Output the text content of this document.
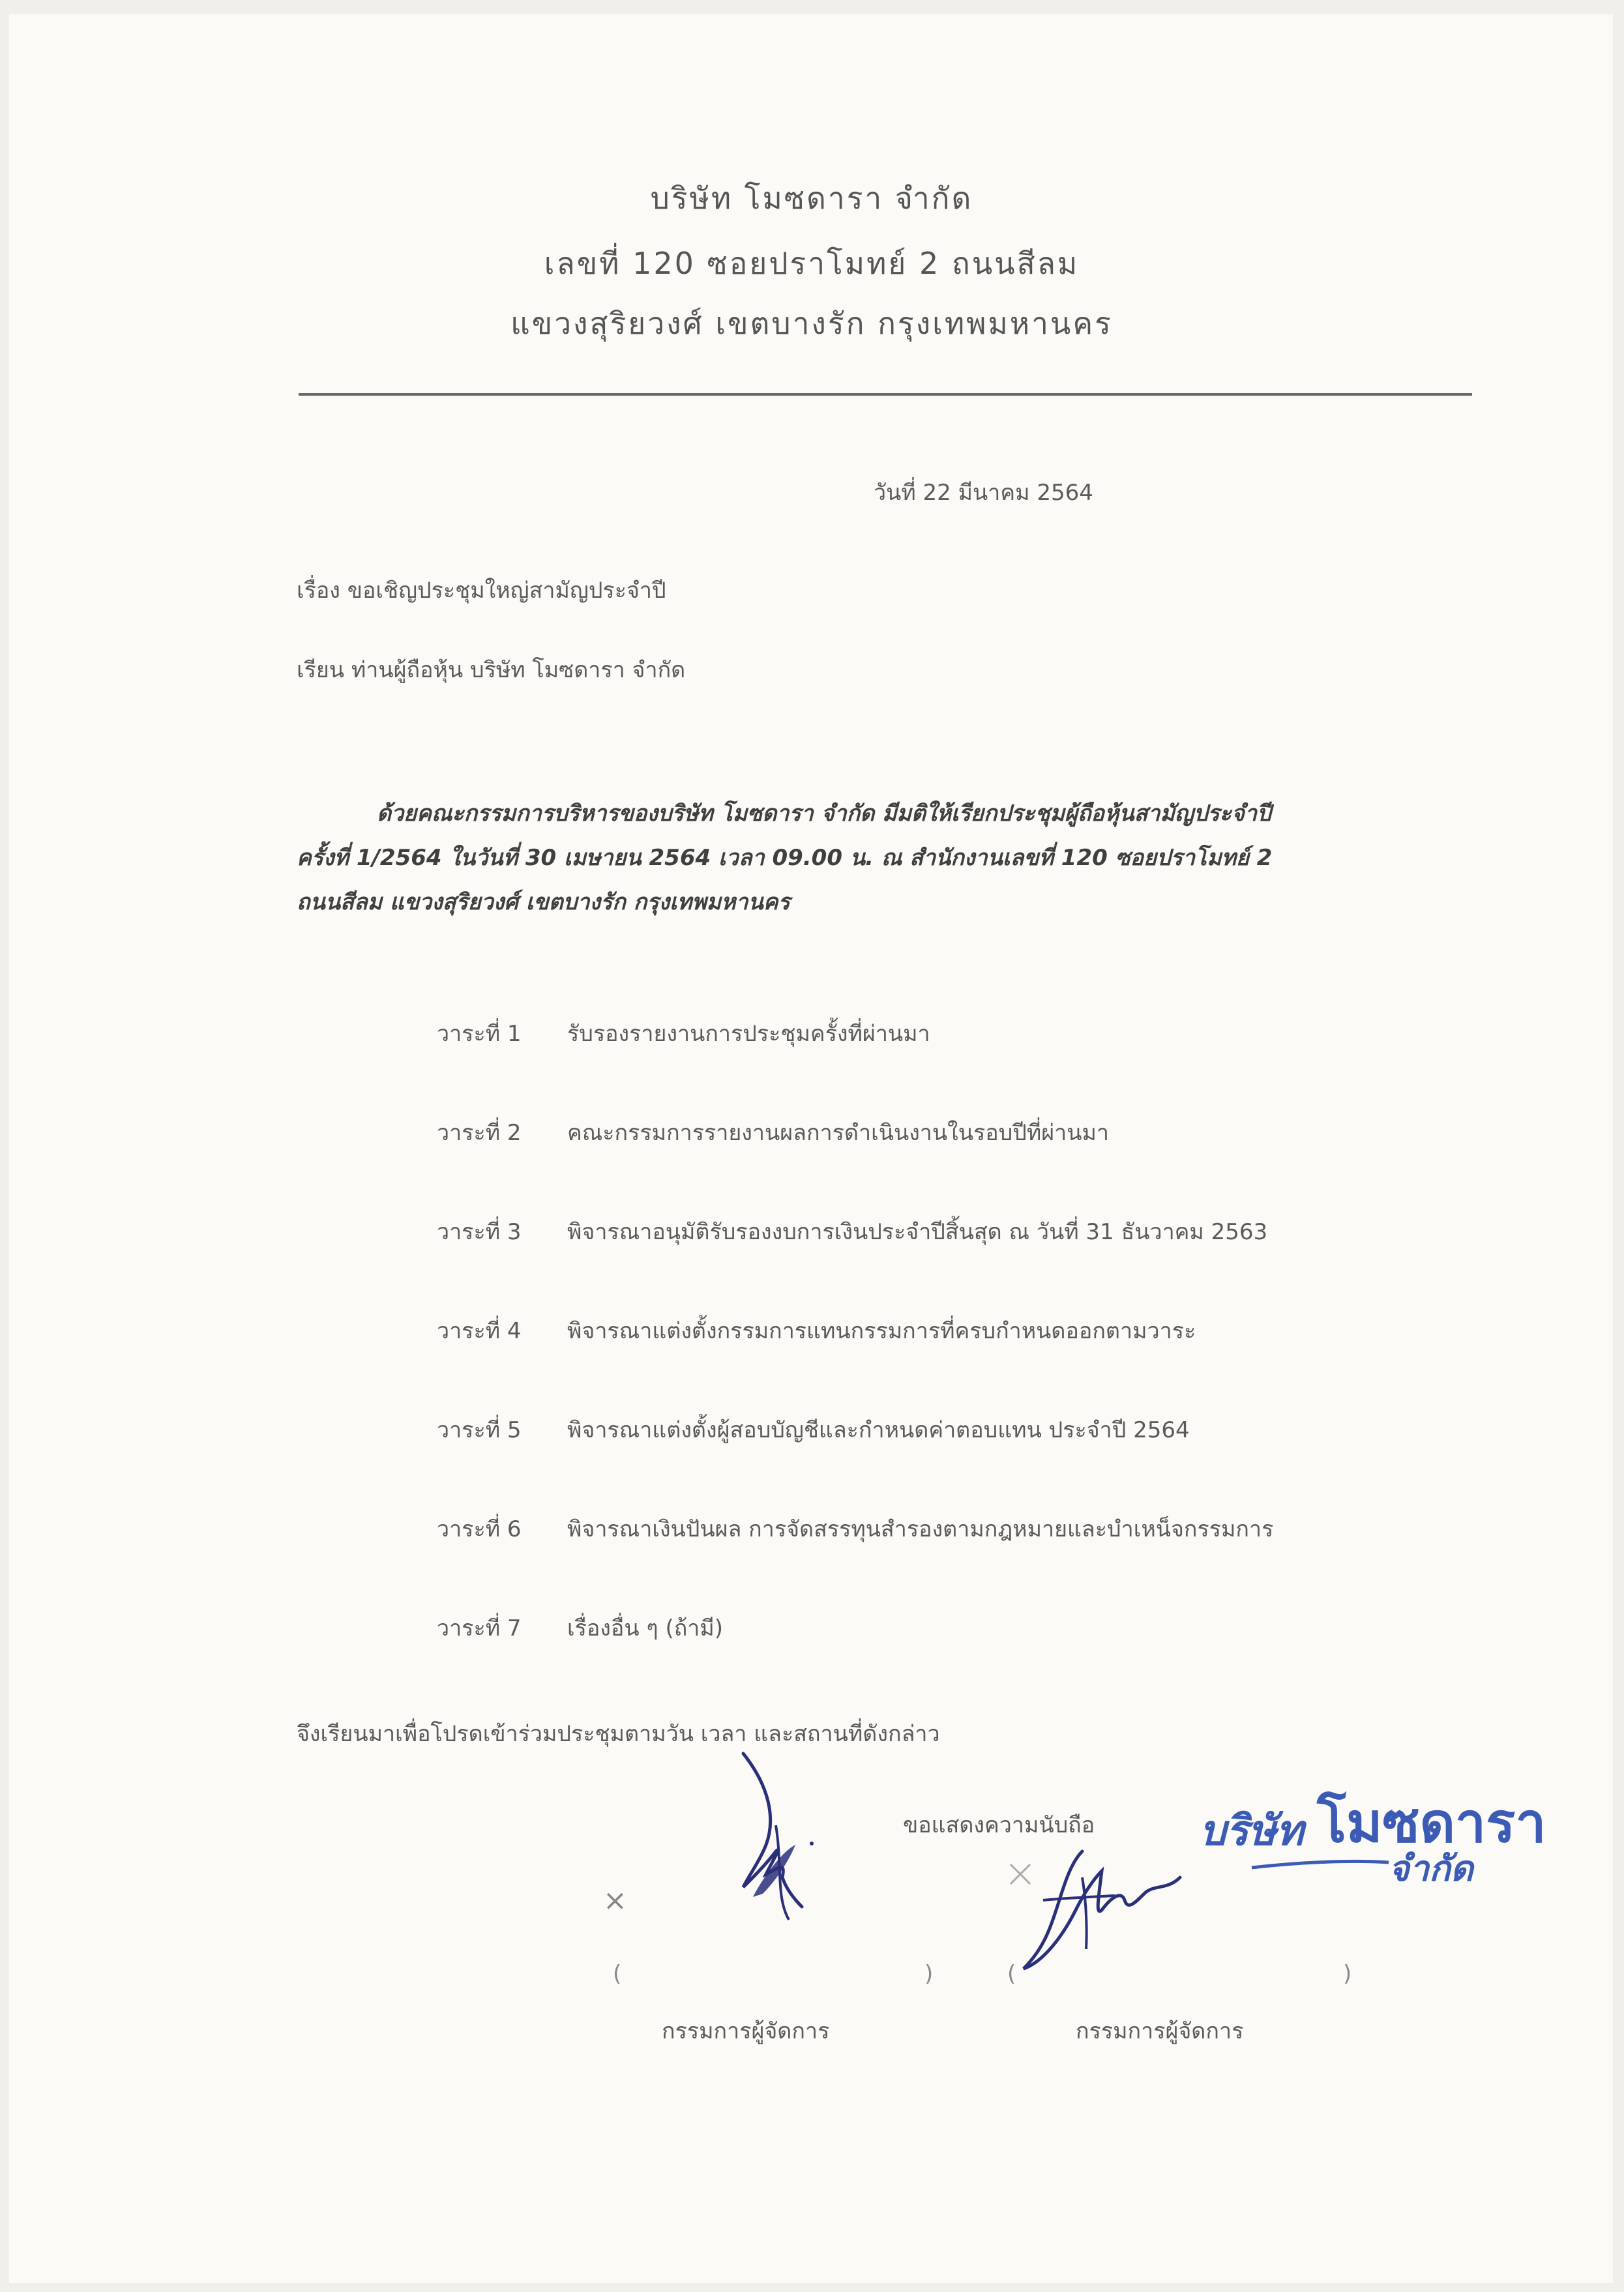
บริษัท โมซดารา จำกัด
เลขที่ 120 ซอยปราโมทย์ 2 ถนนสีลม
แขวงสุริยวงศ์ เขตบางรัก กรุงเทพมหานคร
วันที่ 22 มีนาคม 2564
เรื่อง ขอเชิญประชุมใหญ่สามัญประจำปี
เรียน ท่านผู้ถือหุ้น บริษัท โมซดารา จำกัด
ด้วยคณะกรรมการบริหารของบริษัท โมซดารา จำกัด มีมติให้เรียกประชุมผู้ถือหุ้นสามัญประจำปี
ครั้งที่ 1/2564 ในวันที่ 30 เมษายน 2564 เวลา 09.00 น. ณ สำนักงานเลขที่ 120 ซอยปราโมทย์ 2
ถนนสีลม แขวงสุริยวงศ์ เขตบางรัก กรุงเทพมหานคร
วาระที่ 1 รับรองรายงานการประชุมครั้งที่ผ่านมา
วาระที่ 2 คณะกรรมการรายงานผลการดำเนินงานในรอบปีที่ผ่านมา
วาระที่ 3 พิจารณาอนุมัติรับรองงบการเงินประจำปีสิ้นสุด ณ วันที่ 31 ธันวาคม 2563
วาระที่ 4 พิจารณาแต่งตั้งกรรมการแทนกรรมการที่ครบกำหนดออกตามวาระ
วาระที่ 5 พิจารณาแต่งตั้งผู้สอบบัญชีและกำหนดค่าตอบแทน ประจำปี 2564
วาระที่ 6 พิจารณาเงินปันผล การจัดสรรทุนสำรองตามกฎหมายและบำเหน็จกรรมการ
วาระที่ 7 เรื่องอื่น ๆ (ถ้ามี)
จึงเรียนมาเพื่อโปรดเข้าร่วมประชุมตามวัน เวลา และสถานที่ดังกล่าว
ขอแสดงความนับถือ
×
(	)
กรรมการผู้จัดการ
(	)
กรรมการผู้จัดการ
บริษัท โมซดารา
จำกัด
